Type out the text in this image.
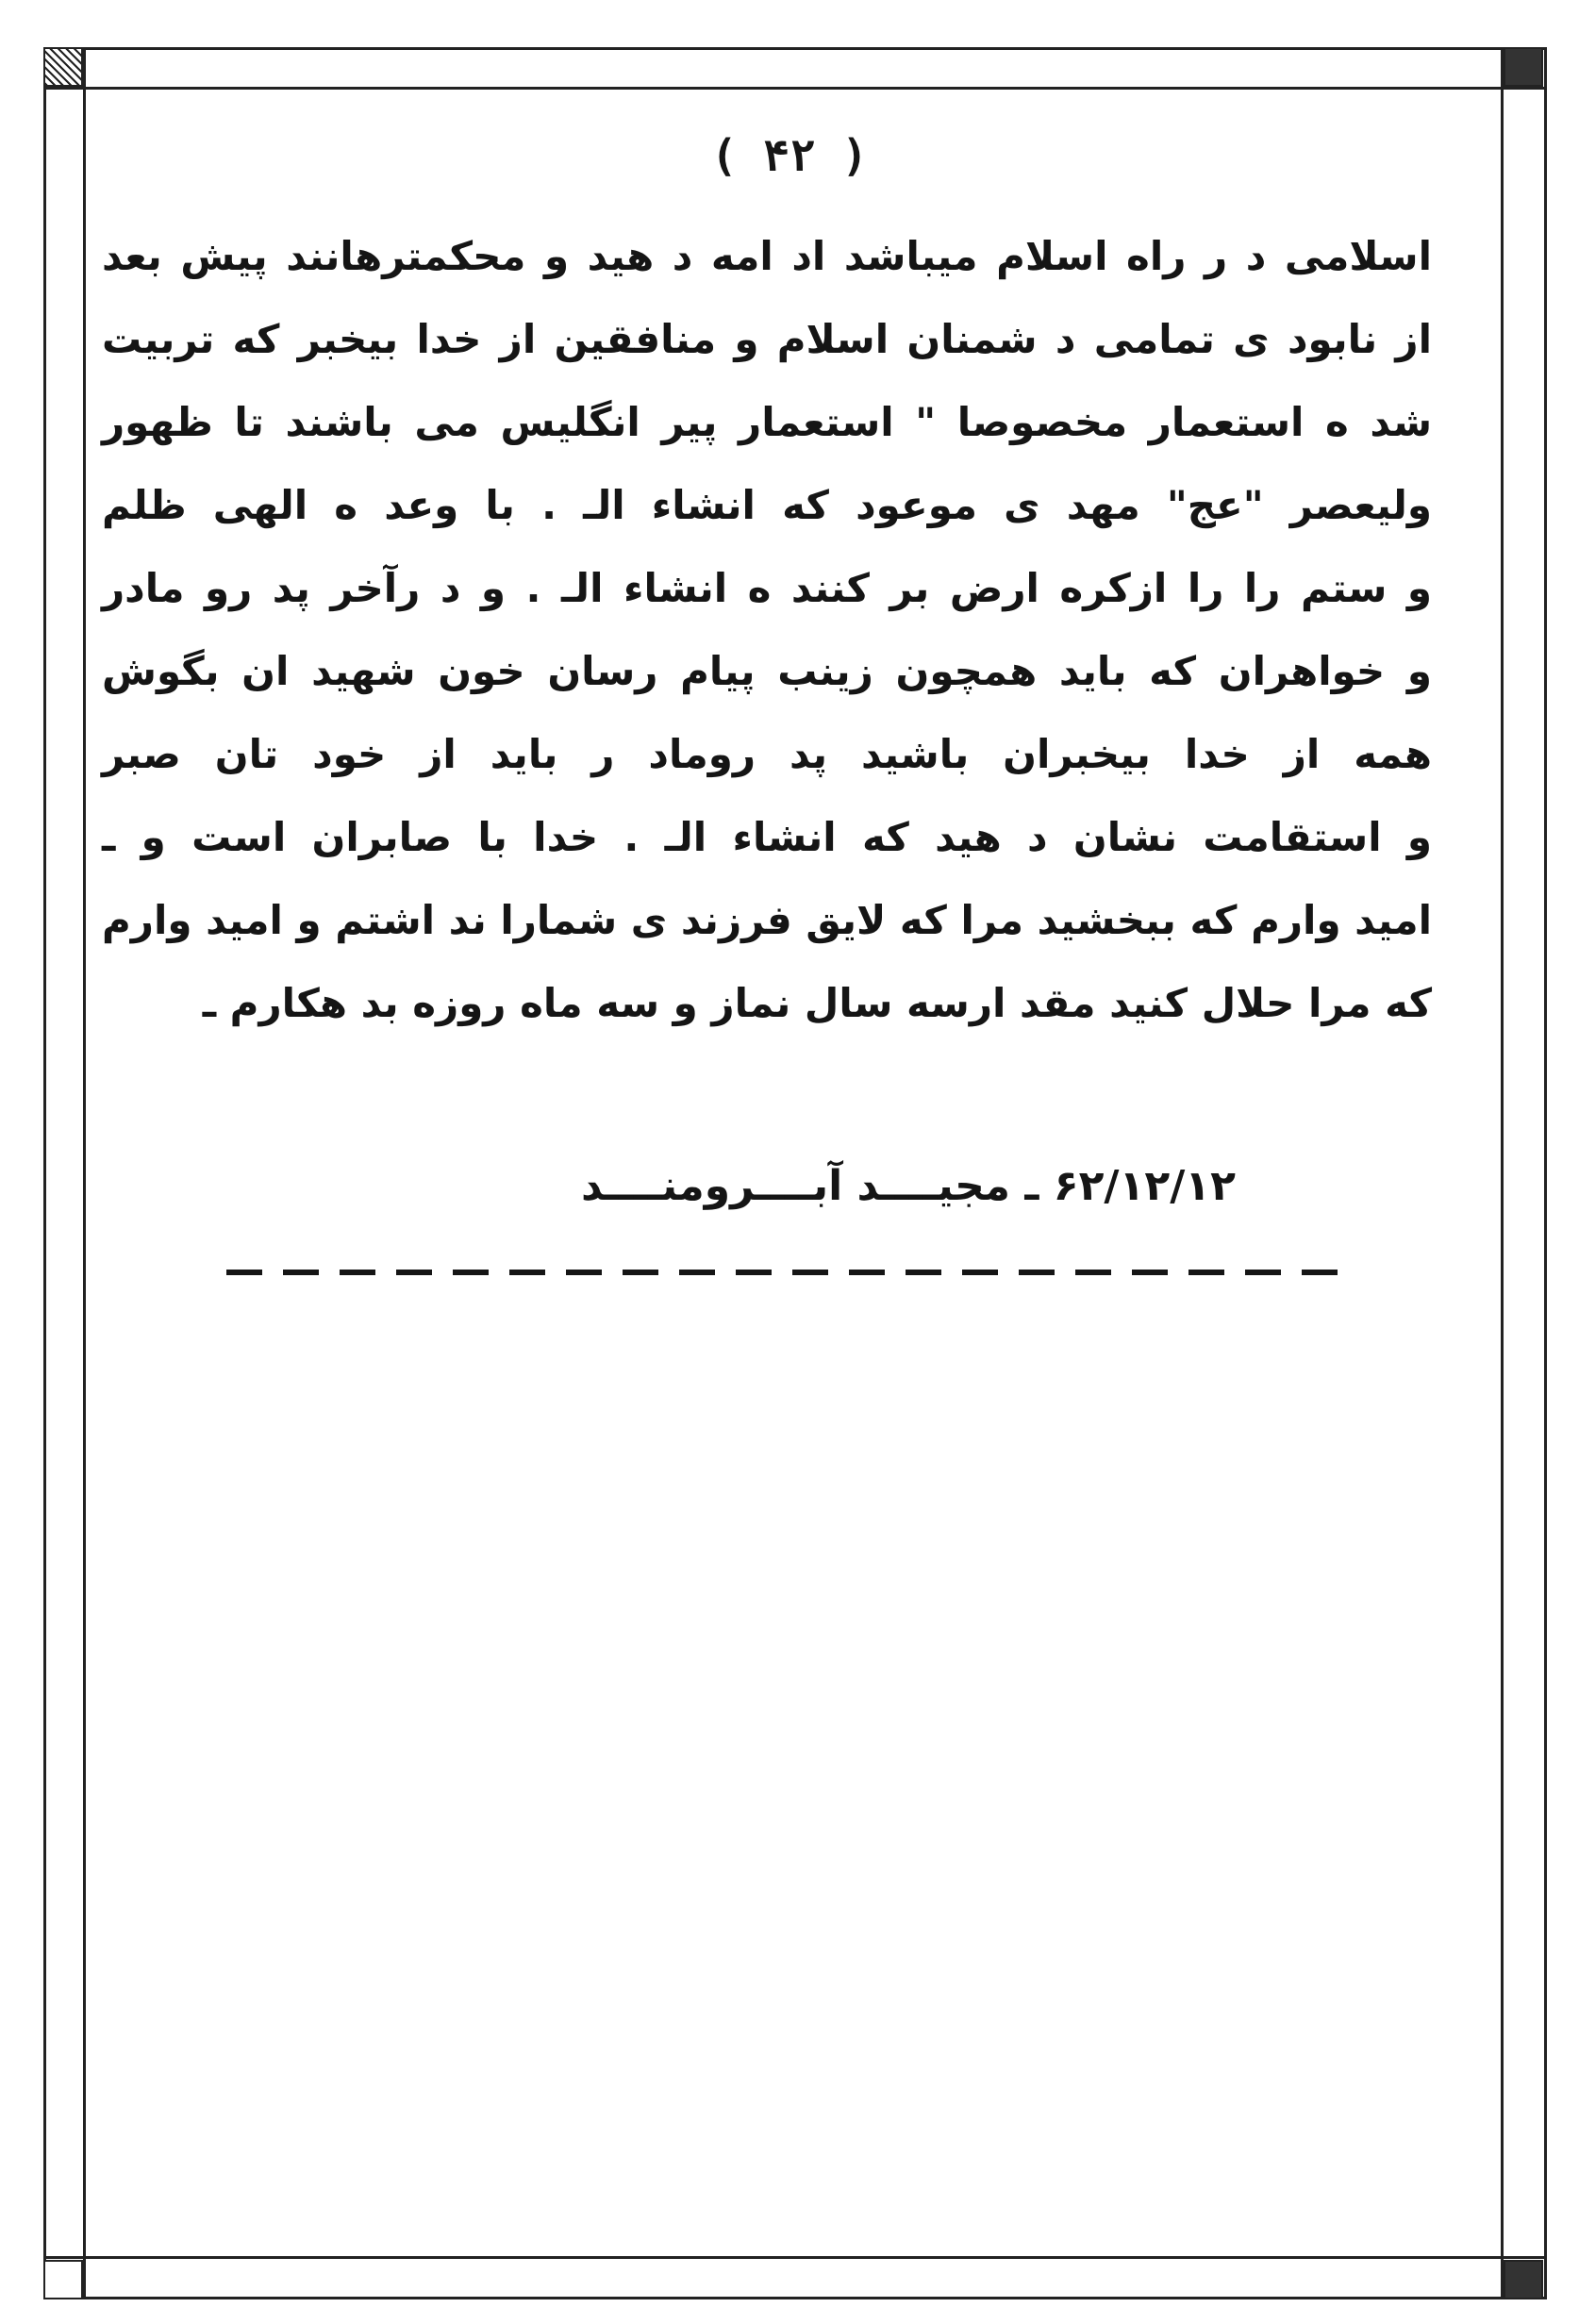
( ۴۲ )
اسلامی د ر راه اسلام میباشد اد امه د هید و محکمترهانند پیش بعد
از نابود ی تمامی د شمنان اسلام و منافقین از خدا بیخبر که تربیت
شد ه استعمار مخصوصا " استعمار پیر انگلیس می باشند تا ظهور
ولیعصر "عج" مهد ی موعود که انشاء الـ . با وعد ه الهی ظلم
و ستم را را ازکره ارض بر کنند ه انشاء الـ . و د رآخر پد رو مادر
و خواهران که باید همچون زینب پیام رسان خون شهید ان بگوش
همه از خدا بیخبران باشید پد روماد ر باید از خود تان صبر
و استقامت نشان د هید که انشاء الـ . خدا با صابران است و ـ
امید وارم که ببخشید مرا که لایق فرزند ی شمارا ند اشتم و امید وارم
که مرا حلال کنید مقد ارسه سال نماز و سه ماه روزه بد هکارم ـ
۶۲/۱۲/۱۲ ـ مجیــــد آبــــرومنــــد
